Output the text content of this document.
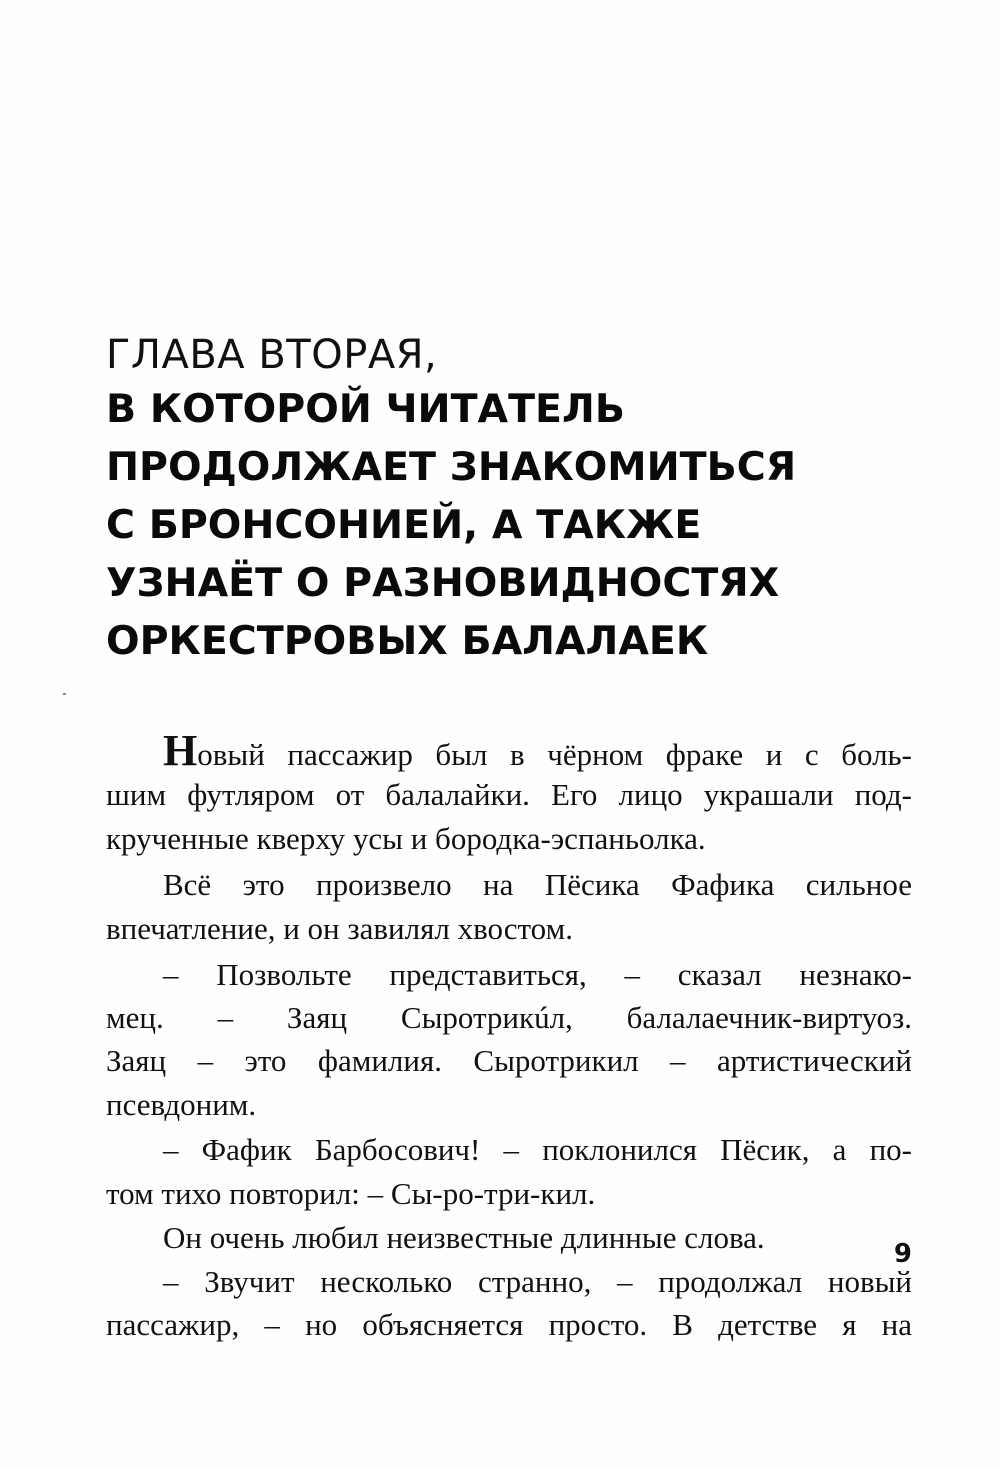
ГЛАВА ВТОРАЯ,
В КОТОРОЙ ЧИТАТЕЛЬ
ПРОДОЛЖАЕТ ЗНАКОМИТЬСЯ
С БРОНСОНИЕЙ, А ТАКЖЕ
УЗНАЁТ О РАЗНОВИДНОСТЯХ
ОРКЕСТРОВЫХ БАЛАЛАЕК
Новый пассажир был в чёрном фраке и с боль-
шим футляром от балалайки. Его лицо украшали под-
крученные кверху усы и бородка-эспаньолка.
Всё это произвело на Пёсика Фафика сильное
впечатление, и он завилял хвостом.
– Позвольте представиться, – сказал незнако-
мец. – Заяц Сыротрикúл, балалаечник-виртуоз.
Заяц – это фамилия. Сыротрикил – артистический
псевдоним.
– Фафик Барбосович! – поклонился Пёсик, а по-
том тихо повторил: – Сы-ро-три-кил.
Он очень любил неизвестные длинные слова.
– Звучит несколько странно, – продолжал новый
пассажир, – но объясняется просто. В детстве я на
9
